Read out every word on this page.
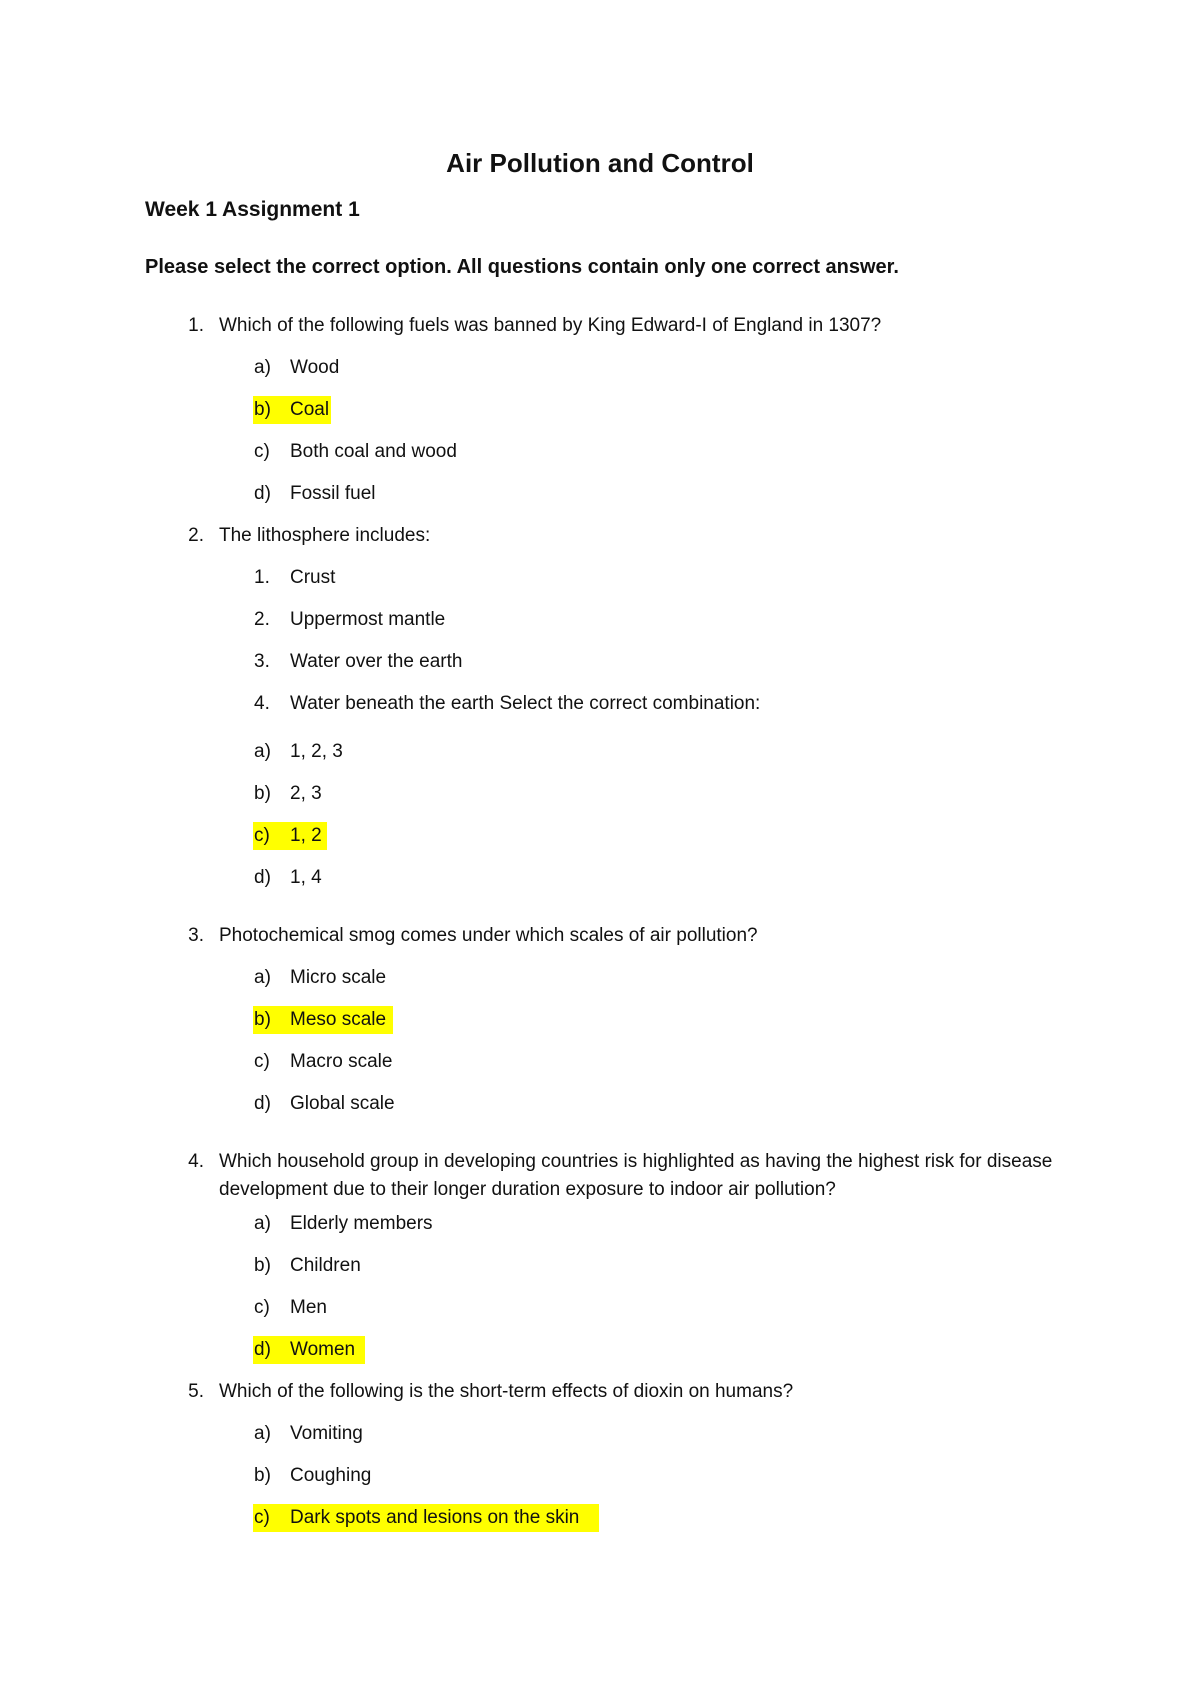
Air Pollution and Control
Week 1 Assignment 1
Please select the correct option. All questions contain only one correct answer.
1. Which of the following fuels was banned by King Edward-I of England in 1307?
a) Wood
b) Coal
c) Both coal and wood
d) Fossil fuel
2. The lithosphere includes:
1. Crust
2. Uppermost mantle
3. Water over the earth
4. Water beneath the earth Select the correct combination:
a) 1, 2, 3
b) 2, 3
c) 1, 2
d) 1, 4
3. Photochemical smog comes under which scales of air pollution?
a) Micro scale
b) Meso scale
c) Macro scale
d) Global scale
4. Which household group in developing countries is highlighted as having the highest risk for disease development due to their longer duration exposure to indoor air pollution?
a) Elderly members
b) Children
c) Men
d) Women
5. Which of the following is the short-term effects of dioxin on humans?
a) Vomiting
b) Coughing
c) Dark spots and lesions on the skin
